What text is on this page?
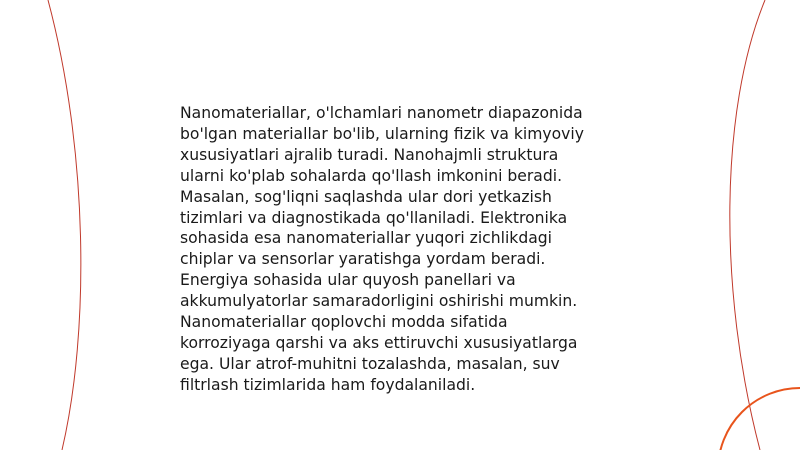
Nanomateriallar, o'lchamlari nanometr diapazonida
bo'lgan materiallar bo'lib, ularning fizik va kimyoviy
xususiyatlari ajralib turadi. Nanohajmli struktura
ularni ko'plab sohalarda qo'llash imkonini beradi.
Masalan, sog'liqni saqlashda ular dori yetkazish
tizimlari va diagnostikada qo'llaniladi. Elektronika
sohasida esa nanomateriallar yuqori zichlikdagi
chiplar va sensorlar yaratishga yordam beradi.
Energiya sohasida ular quyosh panellari va
akkumulyatorlar samaradorligini oshirishi mumkin.
Nanomateriallar qoplovchi modda sifatida
korroziyaga qarshi va aks ettiruvchi xususiyatlarga
ega. Ular atrof-muhitni tozalashda, masalan, suv
filtrlash tizimlarida ham foydalaniladi.
